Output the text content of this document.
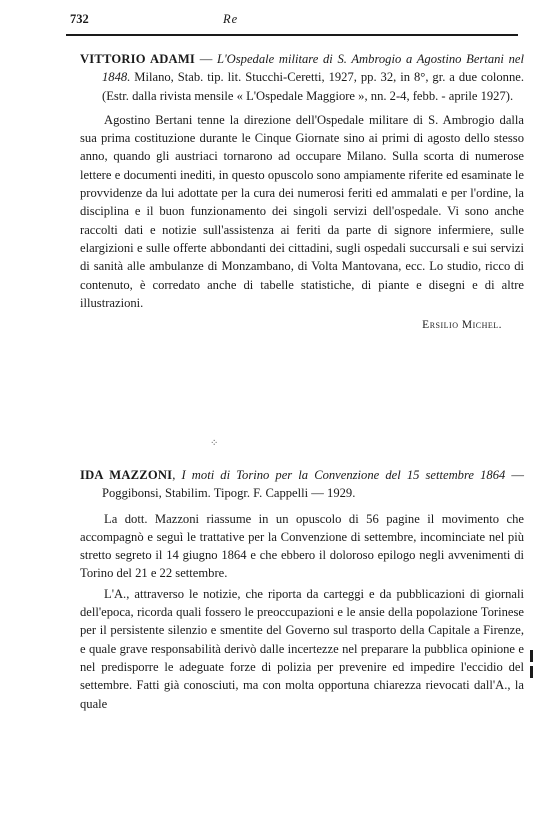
732	Re

VITTORIO ADAMI — L'Ospedale militare di S. Ambrogio a Agostino Bertani nel 1848. Milano, Stab. tip. lit. Stucchi-Ceretti, 1927, pp. 32, in 8°, gr. a due colonne. (Estr. dalla rivista mensile « L'Ospedale Maggiore », nn. 2-4, febb. - aprile 1927).

Agostino Bertani tenne la direzione dell'Ospedale militare di S. Ambrogio dalla sua prima costituzione durante le Cinque Giornate sino ai primi di agosto dello stesso anno, quando gli austriaci tornarono ad occupare Milano. Sulla scorta di numerose lettere e documenti inediti, in questo opuscolo sono ampiamente riferite ed esaminate le provvidenze da lui adottate per la cura dei numerosi feriti ed ammalati e per l'ordine, la disciplina e il buon funzionamento dei singoli servizi dell'ospedale. Vi sono anche raccolti dati e notizie sull'assistenza ai feriti da parte di signore infermiere, sulle elargizioni e sulle offerte abbondanti dei cittadini, sugli ospedali succursali e sui servizi di sanità alle ambulanze di Monzambano, di Volta Mantovana, ecc. Lo studio, ricco di contenuto, è corredato anche di tabelle statistiche, di piante e disegni e di altre illustrazioni.

Ersilio Michel.

⁘

IDA MAZZONI, I moti di Torino per la Convenzione del 15 settembre 1864 — Poggibonsi, Stabilim. Tipogr. F. Cappelli — 1929.

La dott. Mazzoni riassume in un opuscolo di 56 pagine il movimento che accompagnò e seguì le trattative per la Convenzione di settembre, incominciate nel più stretto segreto il 14 giugno 1864 e che ebbero il doloroso epilogo negli avvenimenti di Torino del 21 e 22 settembre.

L'A., attraverso le notizie, che riporta da carteggi e da pubblicazioni di giornali dell'epoca, ricorda quali fossero le preoccupazioni e le ansie della popolazione Torinese per il persistente silenzio e smentite del Governo sul trasporto della Capitale a Firenze, e quale grave responsabilità derivò dalle incertezze nel preparare la pubblica opinione e nel predisporre le adeguate forze di polizia per prevenire ed impedire l'eccidio del settembre. Fatti già conosciuti, ma con molta opportuna chiarezza rievocati dall'A., la quale
